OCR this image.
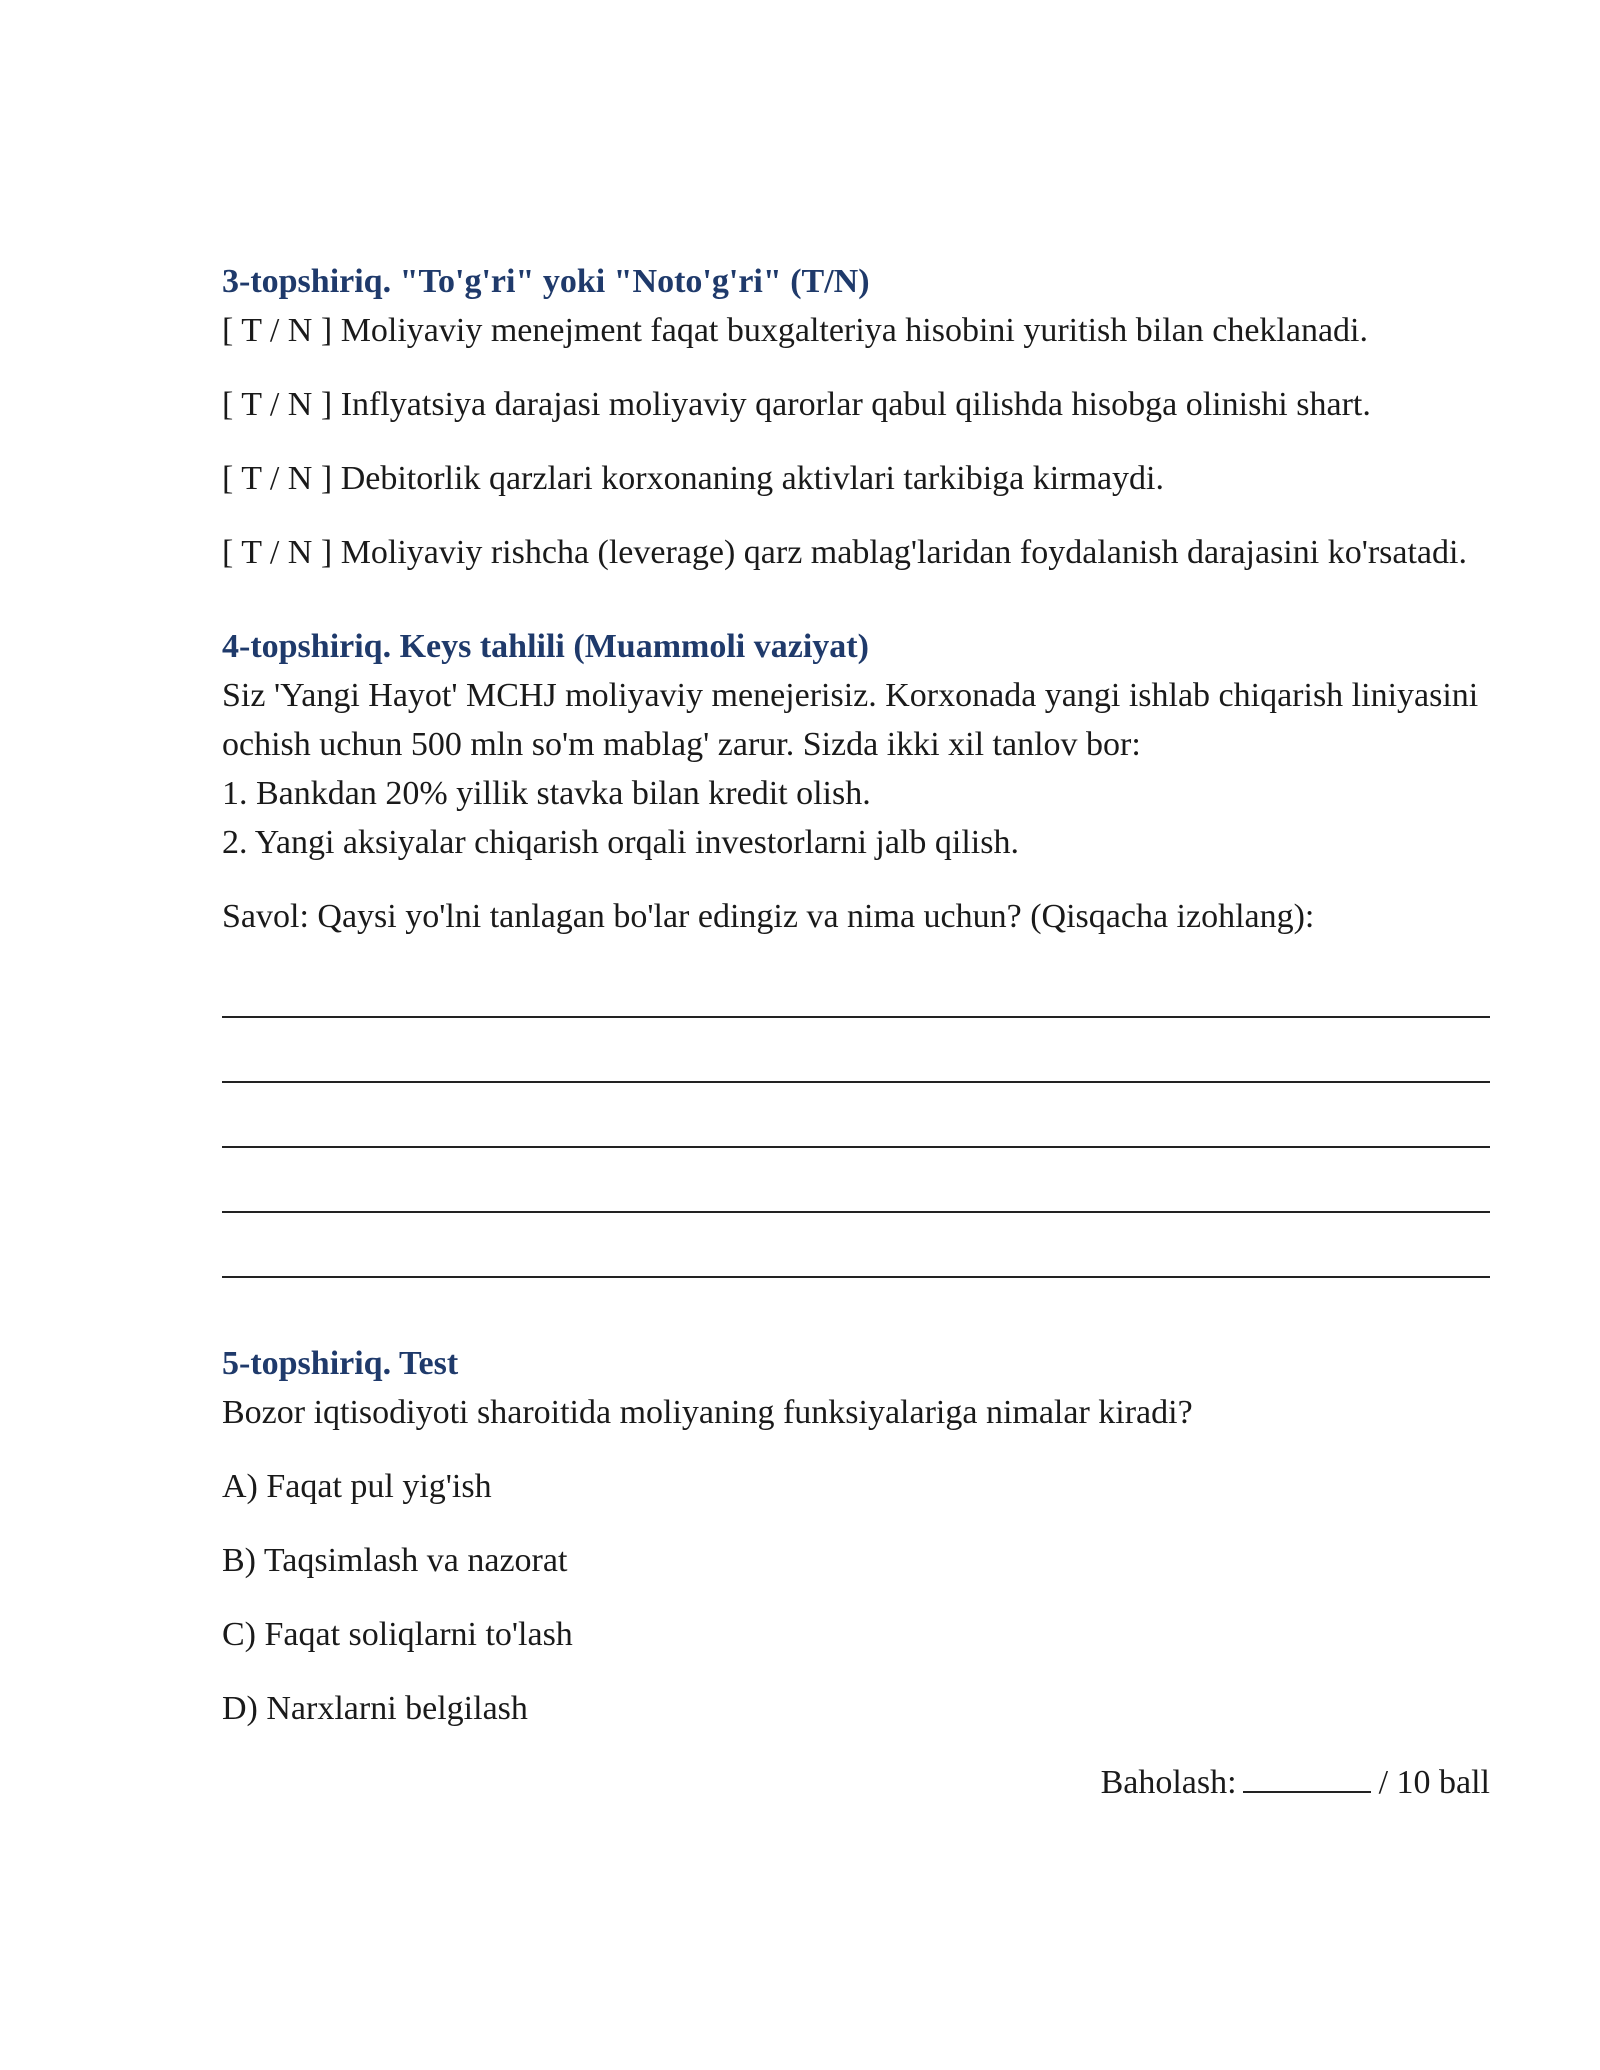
3-topshiriq. "To'g'ri" yoki "Noto'g'ri" (T/N)

[ T / N ] Moliyaviy menejment faqat buxgalteriya hisobini yuritish bilan cheklanadi.

[ T / N ] Inflyatsiya darajasi moliyaviy qarorlar qabul qilishda hisobga olinishi shart.

[ T / N ] Debitorlik qarzlari korxonaning aktivlari tarkibiga kirmaydi.

[ T / N ] Moliyaviy rishcha (leverage) qarz mablag'laridan foydalanish darajasini ko'rsatadi.

4-topshiriq. Keys tahlili (Muammoli vaziyat)

Siz 'Yangi Hayot' MCHJ moliyaviy menejerisiz. Korxonada yangi ishlab chiqarish liniyasini ochish uchun 500 mln so'm mablag' zarur. Sizda ikki xil tanlov bor:

1. Bankdan 20% yillik stavka bilan kredit olish.

2. Yangi aksiyalar chiqarish orqali investorlarni jalb qilish.

Savol: Qaysi yo'lni tanlagan bo'lar edingiz va nima uchun? (Qisqacha izohlang):

5-topshiriq. Test

Bozor iqtisodiyoti sharoitida moliyaning funksiyalariga nimalar kiradi?

A) Faqat pul yig'ish

B) Taqsimlash va nazorat

C) Faqat soliqlarni to'lash

D) Narxlarni belgilash

Baholash:	/ 10 ball
